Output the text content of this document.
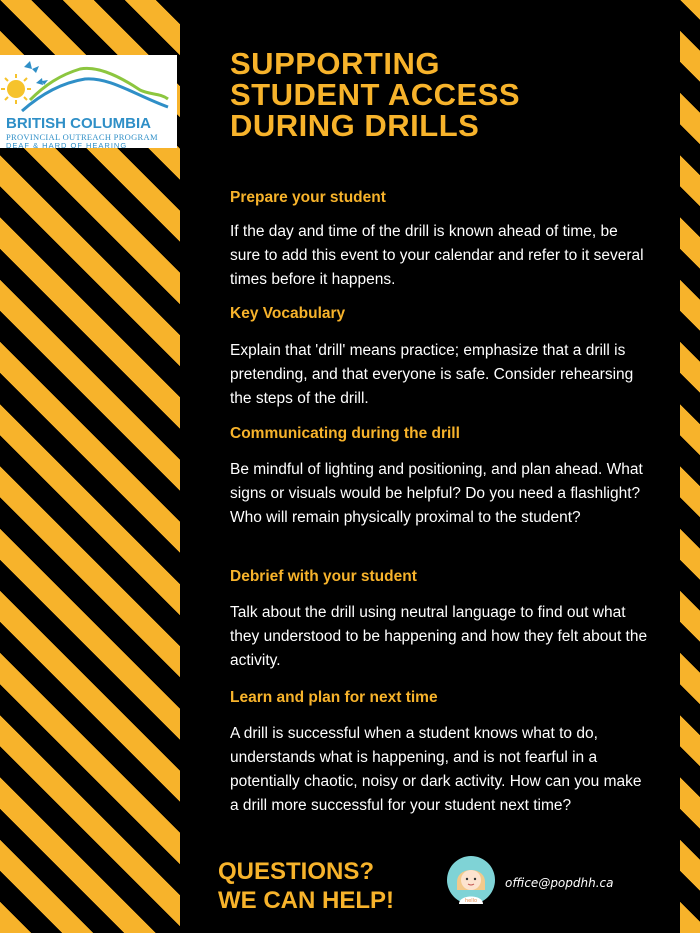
BRITISH COLUMBIA
PROVINCIAL OUTREACH PROGRAM
DEAF & HARD OF HEARING
SUPPORTING
STUDENT ACCESS
DURING DRILLS
Prepare your student
If the day and time of the drill is known ahead of time, be sure to add this event to your calendar and refer to it several times before it happens.
Key Vocabulary
Explain that 'drill' means practice; emphasize that a drill is pretending, and that everyone is safe. Consider rehearsing the steps of the drill.
Communicating during the drill
Be mindful of lighting and positioning, and plan ahead. What signs or visuals would be helpful? Do you need a flashlight? Who will remain physically proximal to the student?
Debrief with your student
Talk about the drill using neutral language to find out what they understood to be happening and how they felt about the activity.
Learn and plan for next time
A drill is successful when a student knows what to do, understands what is happening, and is not fearful in a potentially chaotic, noisy or dark activity. How can you make a drill more successful for your student next time?
QUESTIONS?
WE CAN HELP!	hello
office@popdhh.ca
